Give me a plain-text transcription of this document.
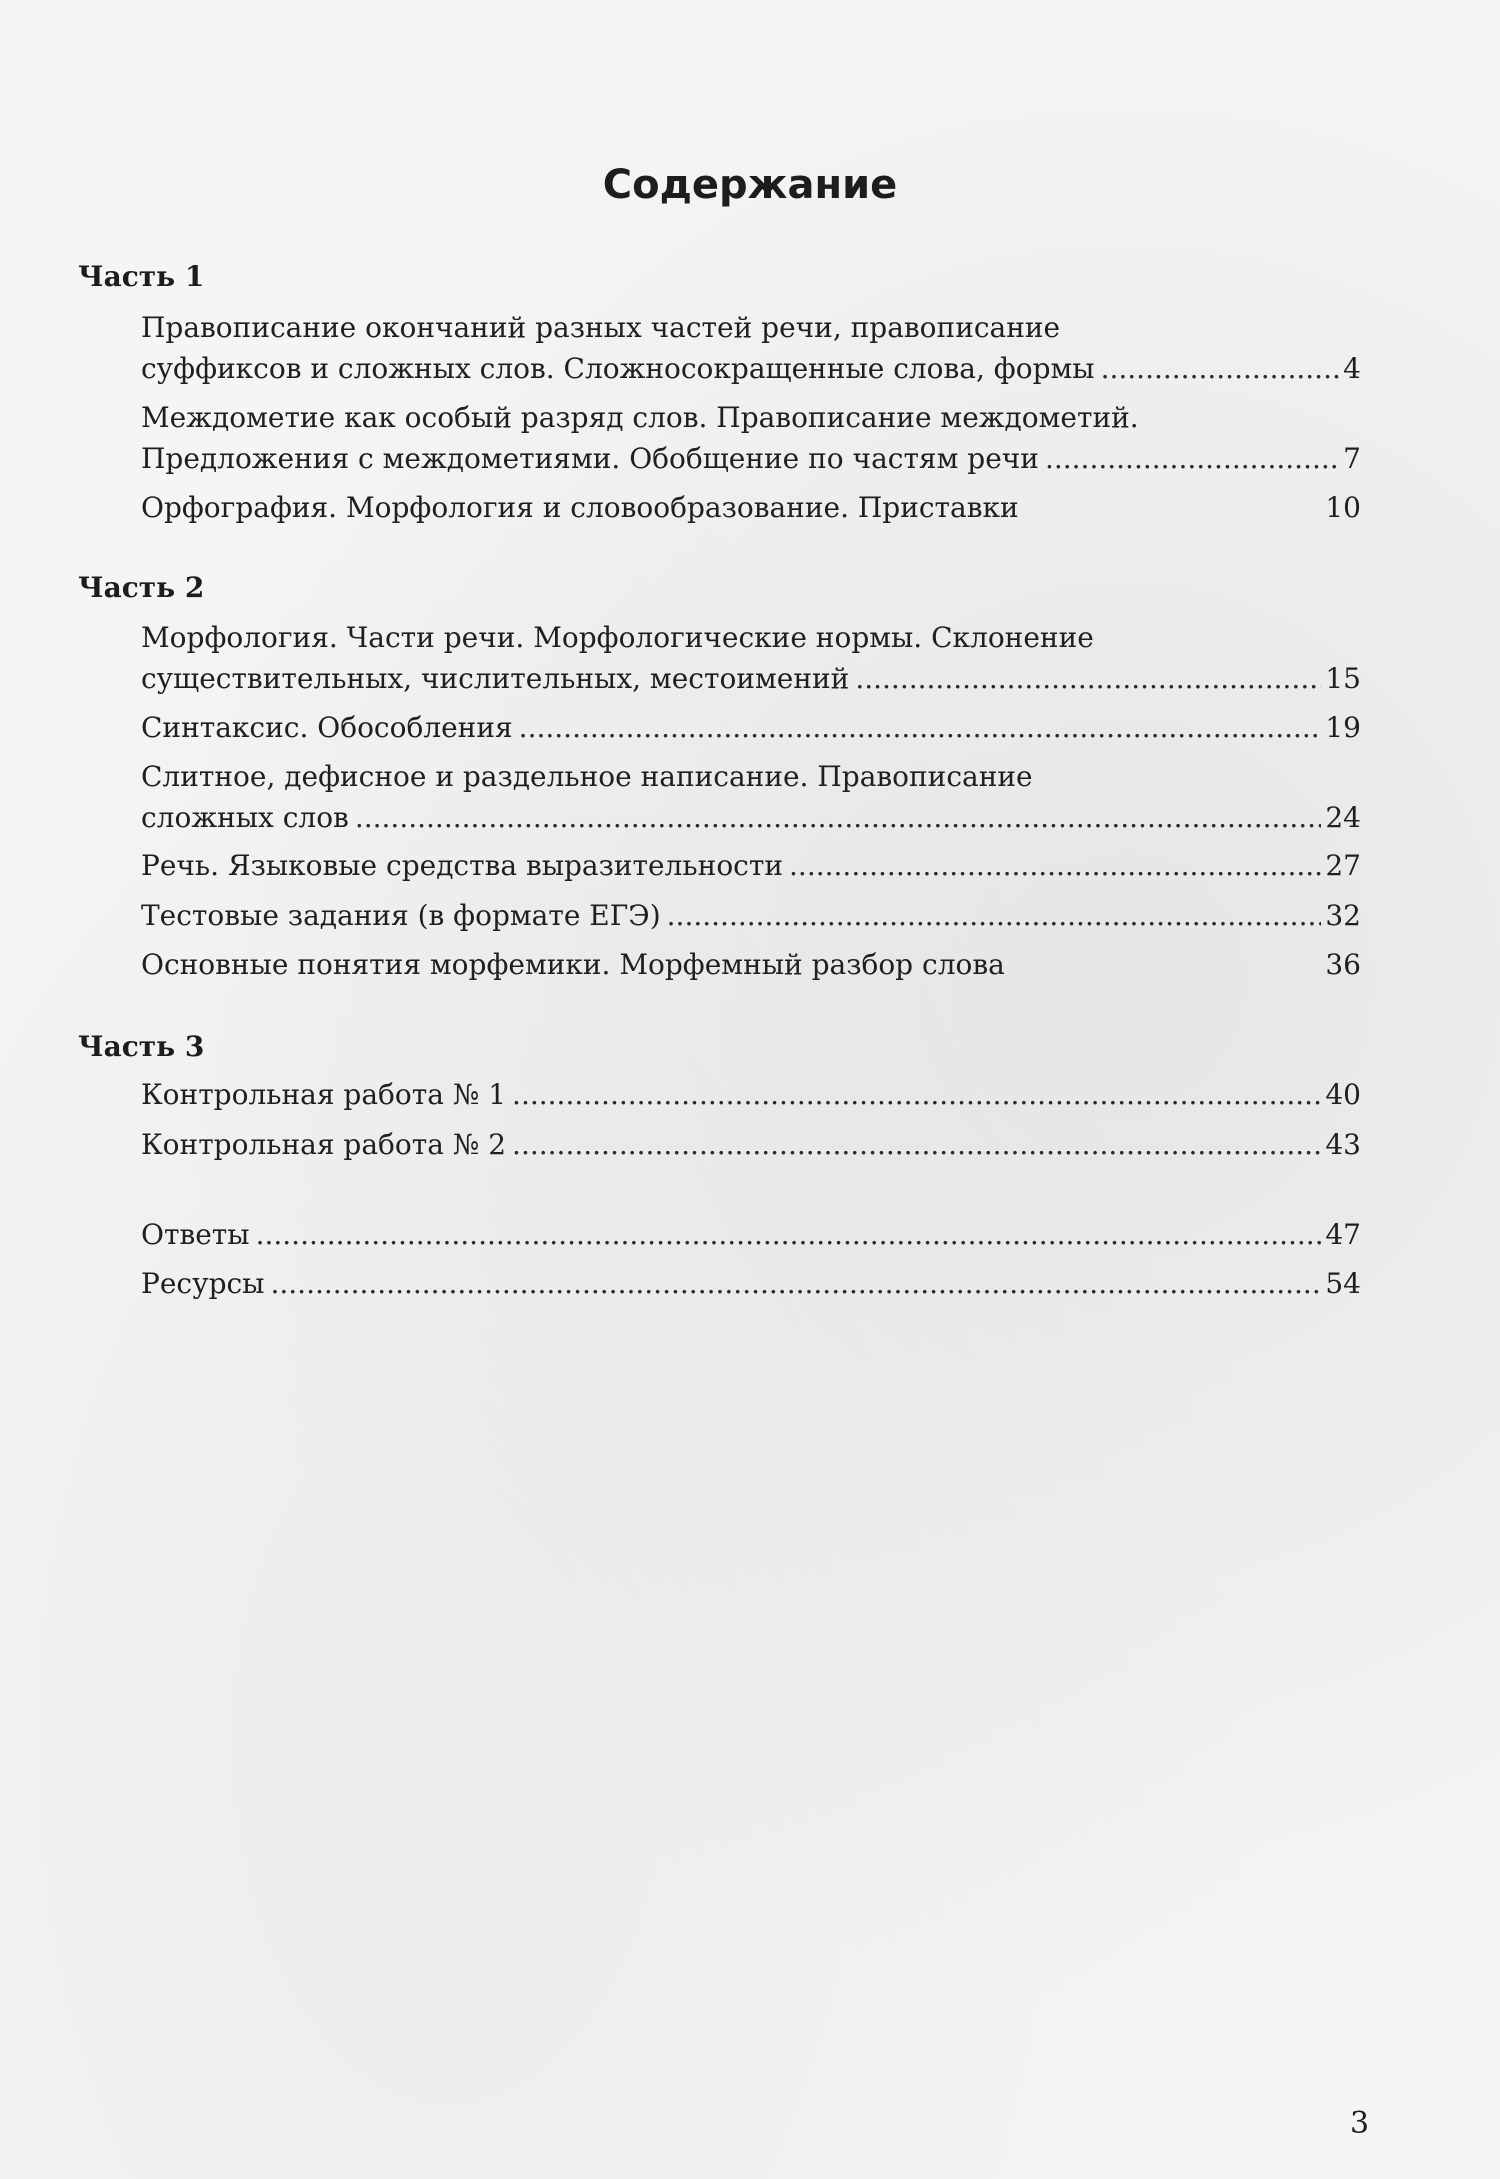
Содержание
Часть 1
Правописание окончаний разных частей речи, правописание
суффиксов и сложных слов. Сложносокращенные слова, формы .....	4
Междометие как особый разряд слов. Правописание междометий.
Предложения с междометиями. Обобщение по частям речи .....	7
Орфография. Морфология и словообразование. Приставки	10
Часть 2
Морфология. Части речи. Морфологические нормы. Склонение
существительных, числительных, местоимений .....	15
Синтаксис. Обособления .....	19
Слитное, дефисное и раздельное написание. Правописание
сложных слов .....	24
Речь. Языковые средства выразительности .....	27
Тестовые задания (в формате ЕГЭ) .....	32
Основные понятия морфемики. Морфемный разбор слова	36
Часть 3
Контрольная работа № 1 .....	40
Контрольная работа № 2 .....	43
Ответы .....	47
Ресурсы .....	54
3
